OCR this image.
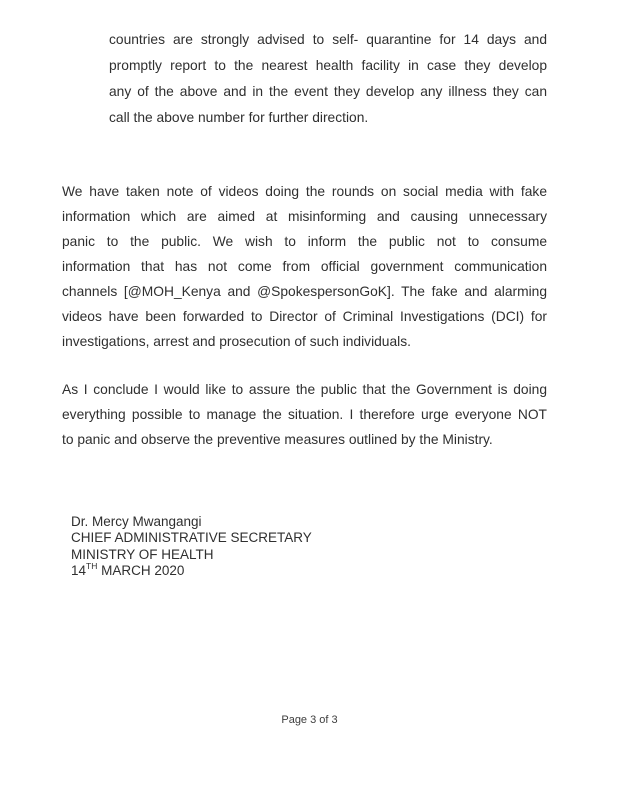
countries are strongly advised to self- quarantine for 14 days and
promptly report to the nearest health facility in case they develop
any of the above and in the event they develop any illness they can
call the above number for further direction.
We have taken note of videos doing the rounds on social media with fake
information which are aimed at misinforming and causing unnecessary
panic to the public. We wish to inform the public not to consume
information that has not come from official government communication
channels [@MOH_Kenya and @SpokespersonGoK]. The fake and alarming
videos have been forwarded to Director of Criminal Investigations (DCI) for
investigations, arrest and prosecution of such individuals.
As I conclude I would like to assure the public that the Government is doing
everything possible to manage the situation. I therefore urge everyone NOT
to panic and observe the preventive measures outlined by the Ministry.
Dr. Mercy Mwangangi
CHIEF ADMINISTRATIVE SECRETARY
MINISTRY OF HEALTH
14TH MARCH 2020
Page 3 of 3
